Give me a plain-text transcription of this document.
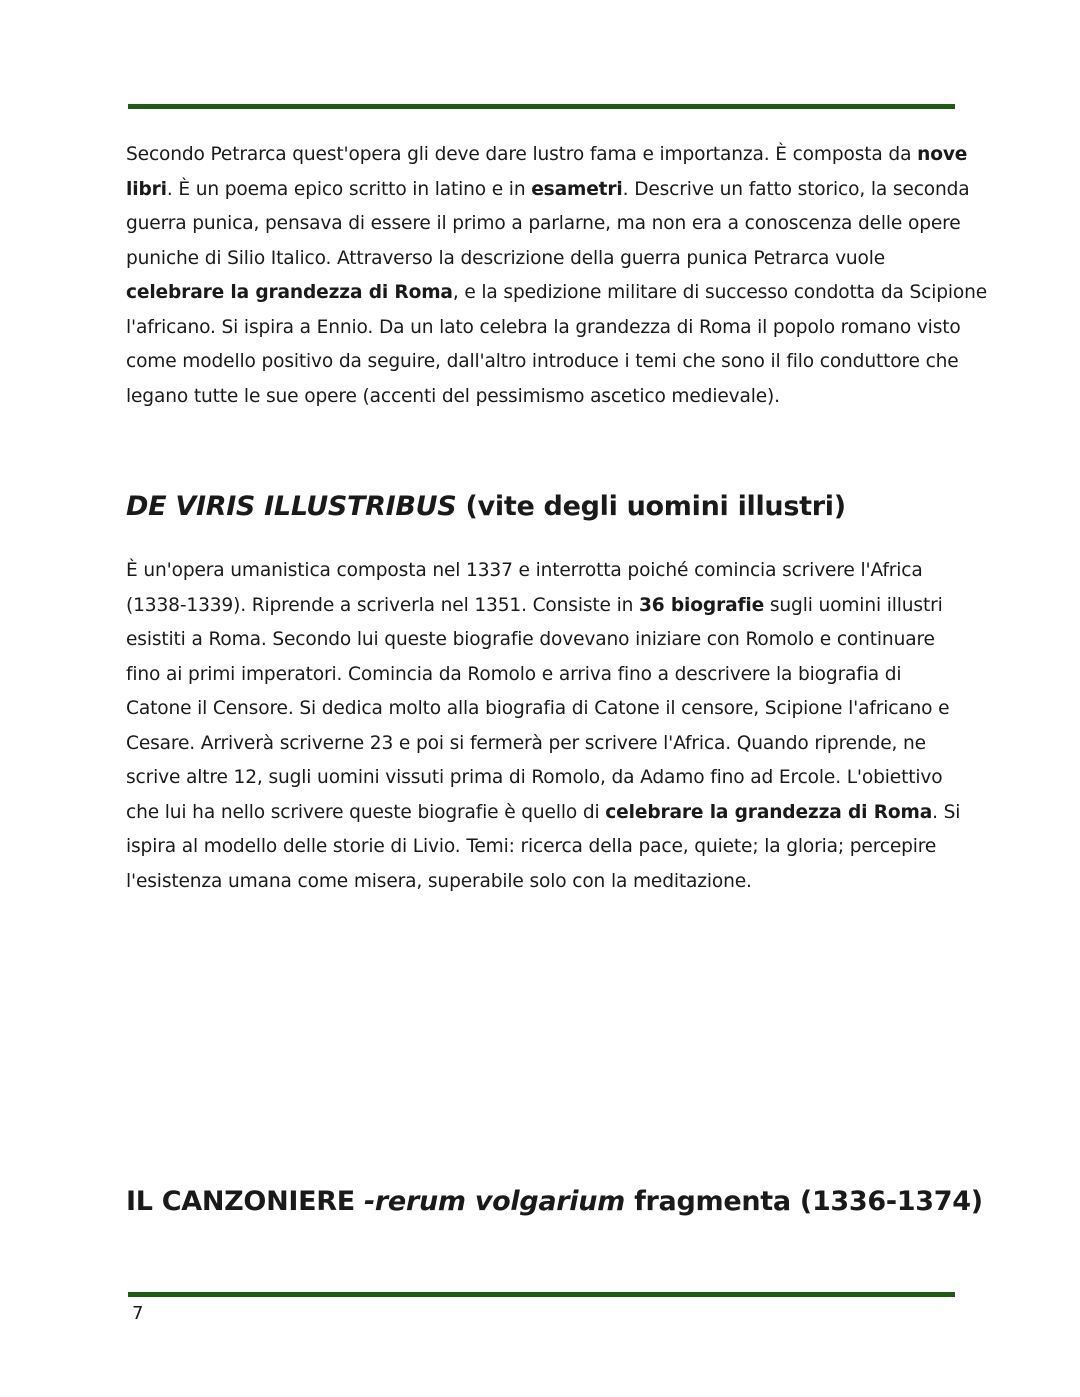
Secondo Petrarca quest'opera gli deve dare lustro fama e importanza. È composta da nove
libri. È un poema epico scritto in latino e in esametri. Descrive un fatto storico, la seconda
guerra punica, pensava di essere il primo a parlarne, ma non era a conoscenza delle opere
puniche di Silio Italico. Attraverso la descrizione della guerra punica Petrarca vuole
celebrare la grandezza di Roma, e la spedizione militare di successo condotta da Scipione
l'africano. Si ispira a Ennio. Da un lato celebra la grandezza di Roma il popolo romano visto
come modello positivo da seguire, dall'altro introduce i temi che sono il filo conduttore che
legano tutte le sue opere (accenti del pessimismo ascetico medievale).

DE VIRIS ILLUSTRIBUS (vite degli uomini illustri)

È un'opera umanistica composta nel 1337 e interrotta poiché comincia scrivere l'Africa
(1338-1339). Riprende a scriverla nel 1351. Consiste in 36 biografie sugli uomini illustri
esistiti a Roma. Secondo lui queste biografie dovevano iniziare con Romolo e continuare
fino ai primi imperatori. Comincia da Romolo e arriva fino a descrivere la biografia di
Catone il Censore. Si dedica molto alla biografia di Catone il censore, Scipione l'africano e
Cesare. Arriverà scriverne 23 e poi si fermerà per scrivere l'Africa. Quando riprende, ne
scrive altre 12, sugli uomini vissuti prima di Romolo, da Adamo fino ad Ercole. L'obiettivo
che lui ha nello scrivere queste biografie è quello di celebrare la grandezza di Roma. Si
ispira al modello delle storie di Livio. Temi: ricerca della pace, quiete; la gloria; percepire
l'esistenza umana come misera, superabile solo con la meditazione.

IL CANZONIERE -rerum volgarium fragmenta (1336-1374)
7
